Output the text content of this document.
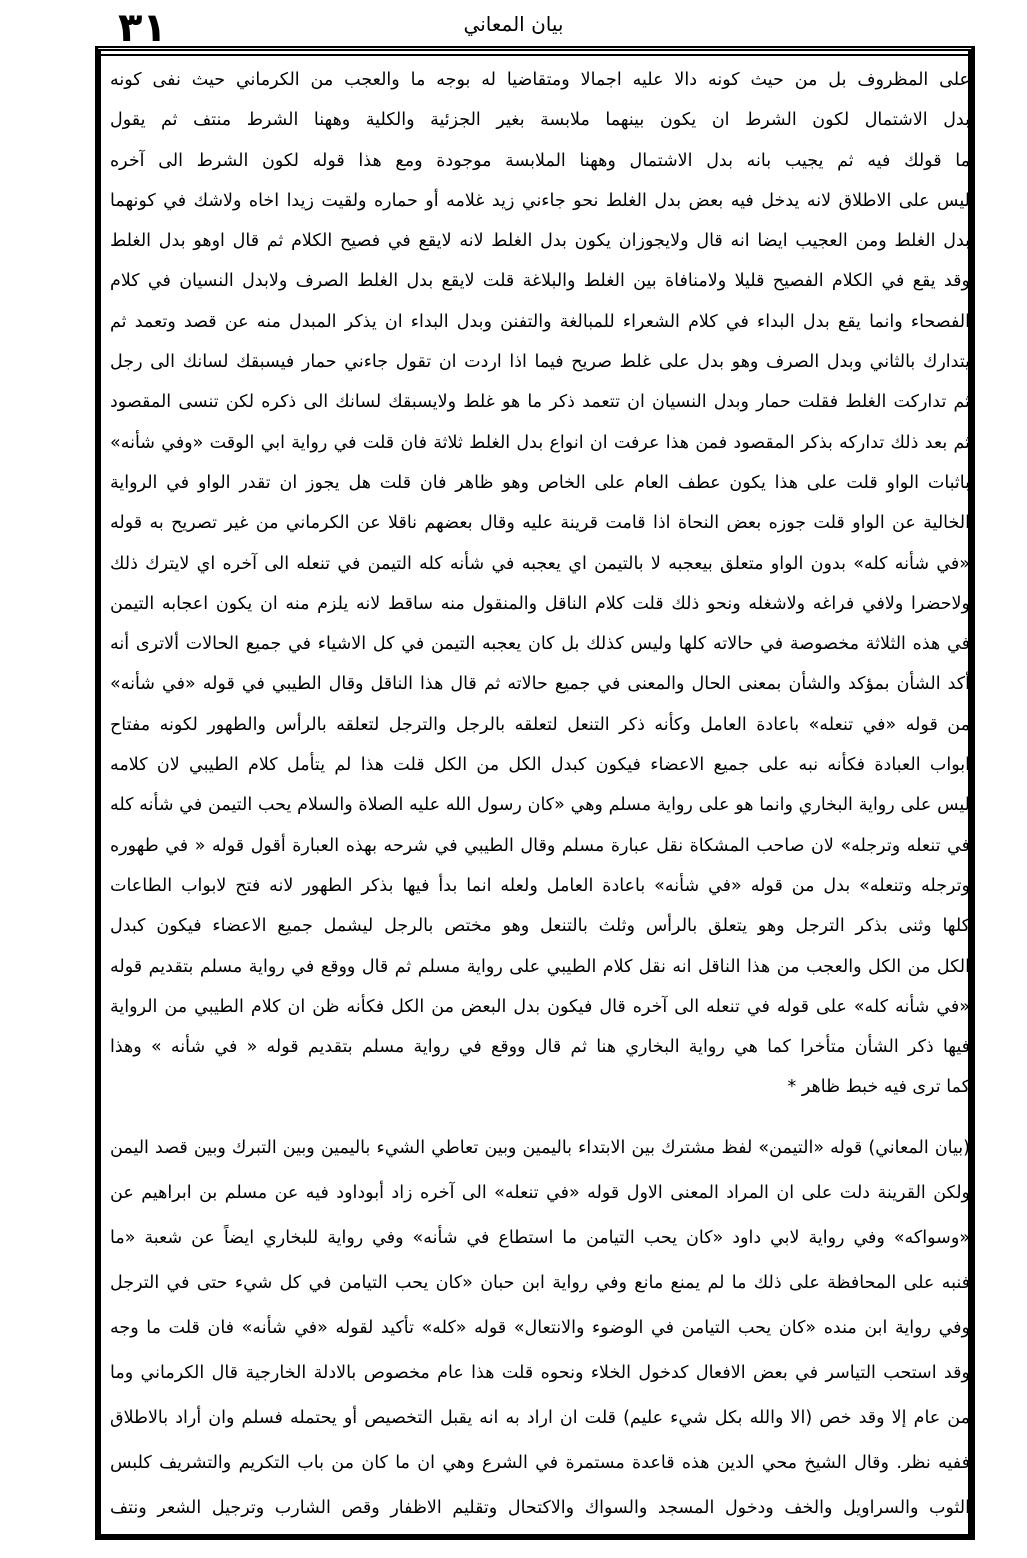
٣١	بيان المعاني
على المظروف بل من حيث كونه دالا عليه اجمالا ومتقاضيا له بوجه ما والعجب من الكرماني حيث نفى كونه
بدل الاشتمال لكون الشرط ان يكون بينهما ملابسة بغير الجزئية والكلية وههنا الشرط منتف ثم يقول
ما قولك فيه ثم يجيب بانه بدل الاشتمال وههنا الملابسة موجودة ومع هذا قوله لكون الشرط الى آخره
ليس على الاطلاق لانه يدخل فيه بعض بدل الغلط نحو جاءني زيد غلامه أو حماره ولقيت زيدا اخاه ولاشك في كونهما
بدل الغلط ومن العجيب ايضا انه قال ولايجوزان يكون بدل الغلط لانه لايقع في فصيح الكلام ثم قال اوهو بدل الغلط
وقد يقع في الكلام الفصيح قليلا ولامنافاة بين الغلط والبلاغة قلت لايقع بدل الغلط الصرف ولابدل النسيان في كلام
الفصحاء وانما يقع بدل البداء في كلام الشعراء للمبالغة والتفنن وبدل البداء ان يذكر المبدل منه عن قصد وتعمد ثم
يتدارك بالثاني وبدل الصرف وهو بدل على غلط صريح فيما اذا اردت ان تقول جاءني حمار فيسبقك لسانك الى رجل
ثم تداركت الغلط فقلت حمار وبدل النسيان ان تتعمد ذكر ما هو غلط ولايسبقك لسانك الى ذكره لكن تنسى المقصود
ثم بعد ذلك تداركه بذكر المقصود فمن هذا عرفت ان انواع بدل الغلط ثلاثة فان قلت في رواية ابي الوقت «وفي شأنه»
باثبات الواو قلت على هذا يكون عطف العام على الخاص وهو ظاهر فان قلت هل يجوز ان تقدر الواو في الرواية
الخالية عن الواو قلت جوزه بعض النحاة اذا قامت قرينة عليه وقال بعضهم ناقلا عن الكرماني من غير تصريح به قوله
«في شأنه كله» بدون الواو متعلق بيعجبه لا بالتيمن اي يعجبه في شأنه كله التيمن في تنعله الى آخره اي لايترك ذلك
ولاحضرا ولافي فراغه ولاشغله ونحو ذلك قلت كلام الناقل والمنقول منه ساقط لانه يلزم منه ان يكون اعجابه التيمن
في هذه الثلاثة مخصوصة في حالاته كلها وليس كذلك بل كان يعجبه التيمن في كل الاشياء في جميع الحالات ألاترى أنه
أكد الشأن بمؤكد والشأن بمعنى الحال والمعنى في جميع حالاته ثم قال هذا الناقل وقال الطيبي في قوله «في شأنه»
من قوله «في تنعله» باعادة العامل وكأنه ذكر التنعل لتعلقه بالرجل والترجل لتعلقه بالرأس والطهور لكونه مفتاح
ابواب العبادة فكأنه نبه على جميع الاعضاء فيكون كبدل الكل من الكل قلت هذا لم يتأمل كلام الطيبي لان كلامه
ليس على رواية البخاري وانما هو على رواية مسلم وهي «كان رسول الله عليه الصلاة والسلام يحب التيمن في شأنه كله
في تنعله وترجله» لان صاحب المشكاة نقل عبارة مسلم وقال الطيبي في شرحه بهذه العبارة أقول قوله « في طهوره
وترجله وتنعله» بدل من قوله «في شأنه» باعادة العامل ولعله انما بدأ فيها بذكر الطهور لانه فتح لابواب الطاعات
كلها وثنى بذكر الترجل وهو يتعلق بالرأس وثلث بالتنعل وهو مختص بالرجل ليشمل جميع الاعضاء فيكون كبدل
الكل من الكل والعجب من هذا الناقل انه نقل كلام الطيبي على رواية مسلم ثم قال ووقع في رواية مسلم بتقديم قوله
«في شأنه كله» على قوله في تنعله الى آخره قال فيكون بدل البعض من الكل فكأنه ظن ان كلام الطيبي من الرواية
فيها ذكر الشأن متأخرا كما هي رواية البخاري هنا ثم قال ووقع في رواية مسلم بتقديم قوله « في شأنه » وهذا
كما ترى فيه خبط ظاهر *
(بيان المعاني) قوله «التيمن» لفظ مشترك بين الابتداء باليمين وبين تعاطي الشيء باليمين وبين التبرك وبين قصد اليمن
ولكن القرينة دلت على ان المراد المعنى الاول قوله «في تنعله» الى آخره زاد أبوداود فيه عن مسلم بن ابراهيم عن
«وسواكه» وفي رواية لابي داود «كان يحب التيامن ما استطاع في شأنه» وفي رواية للبخاري ايضاً عن شعبة «ما
فنبه على المحافظة على ذلك ما لم يمنع مانع وفي رواية ابن حبان «كان يحب التيامن في كل شيء حتى في الترجل
وفي رواية ابن منده «كان يحب التيامن في الوضوء والانتعال» قوله «كله» تأكيد لقوله «في شأنه» فان قلت ما وجه
وقد استحب التياسر في بعض الافعال كدخول الخلاء ونحوه قلت هذا عام مخصوص بالادلة الخارجية قال الكرماني وما
من عام إلا وقد خص (الا والله بكل شيء عليم) قلت ان اراد به انه يقبل التخصيص أو يحتمله فسلم وان أراد بالاطلاق
ففيه نظر. وقال الشيخ محي الدين هذه قاعدة مستمرة في الشرع وهي ان ما كان من باب التكريم والتشريف كلبس
الثوب والسراويل والخف ودخول المسجد والسواك والاكتحال وتقليم الاظفار وقص الشارب وترجيل الشعر ونتف
